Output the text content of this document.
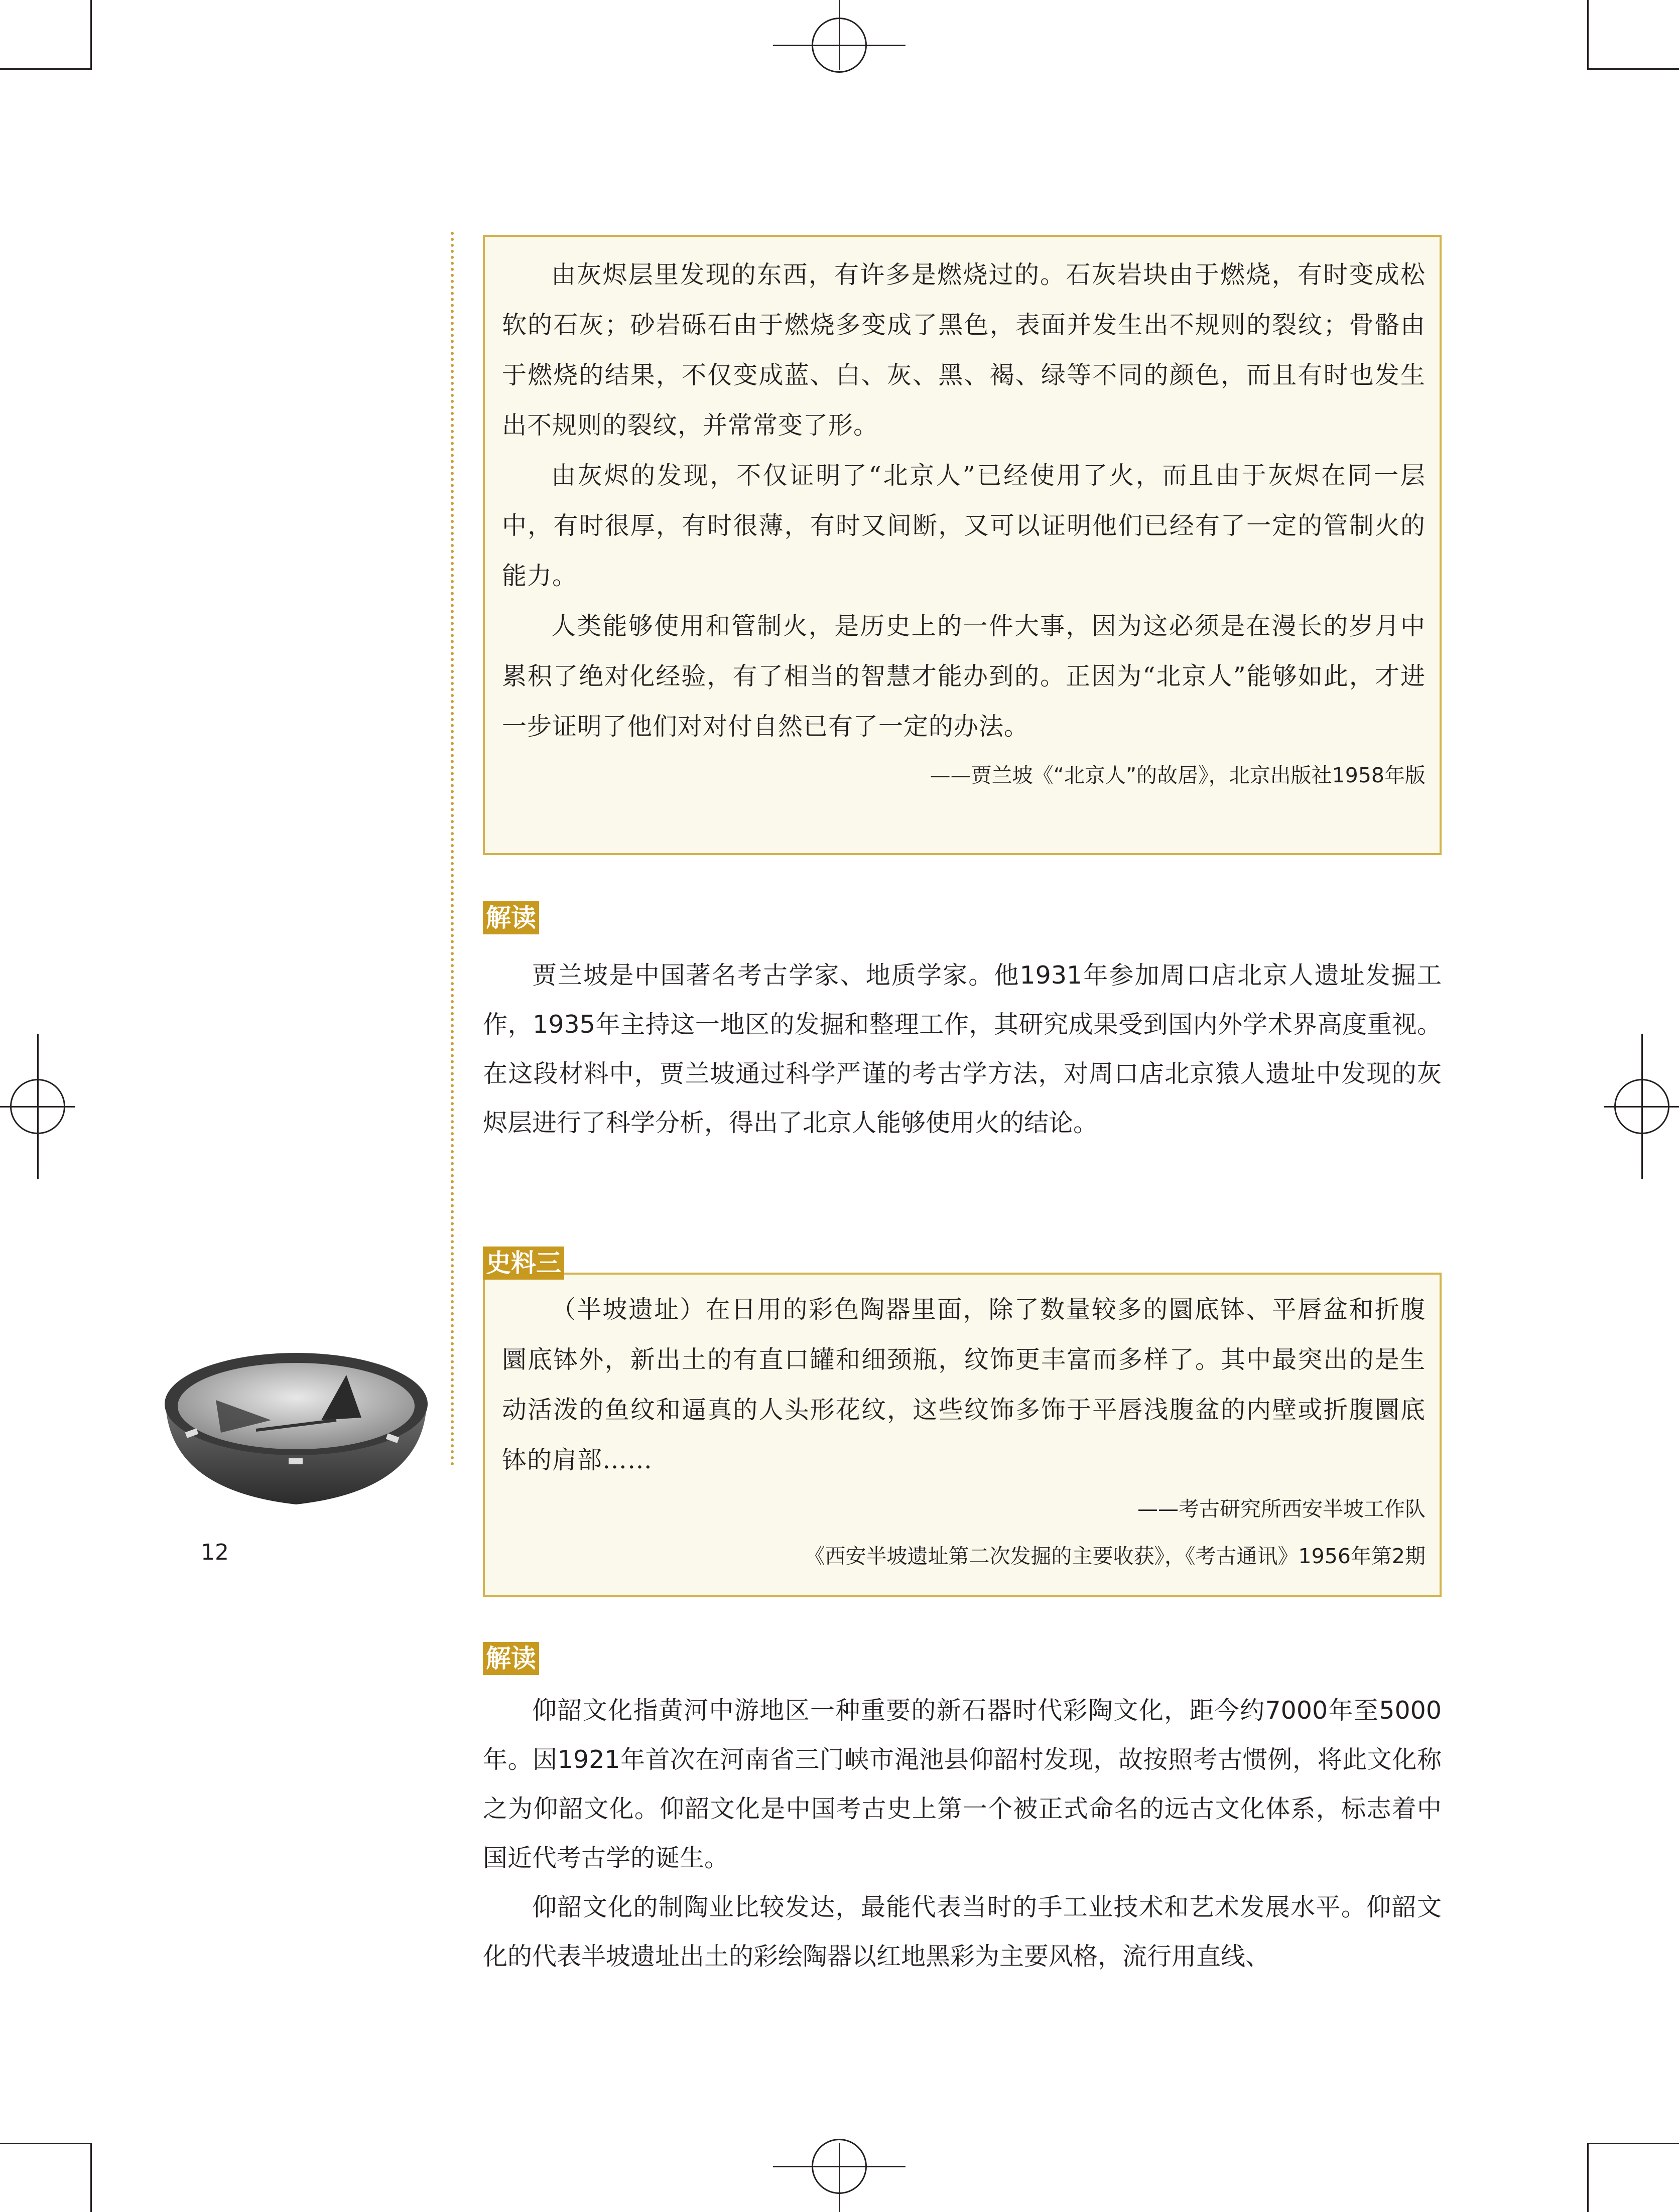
由灰烬层里发现的东西，有许多是燃烧过的。石灰岩块由于燃烧，有时变成松软的石灰；砂岩砾石由于燃烧多变成了黑色，表面并发生出不规则的裂纹；骨骼由于燃烧的结果，不仅变成蓝、白、灰、黑、褐、绿等不同的颜色，而且有时也发生出不规则的裂纹，并常常变了形。

由灰烬的发现，不仅证明了“北京人”已经使用了火，而且由于灰烬在同一层中，有时很厚，有时很薄，有时又间断，又可以证明他们已经有了一定的管制火的能力。

人类能够使用和管制火，是历史上的一件大事，因为这必须是在漫长的岁月中累积了绝对化经验，有了相当的智慧才能办到的。正因为“北京人”能够如此，才进一步证明了他们对对付自然已有了一定的办法。

——贾兰坡《“北京人”的故居》，北京出版社1958年版

解读

贾兰坡是中国著名考古学家、地质学家。他1931年参加周口店北京人遗址发掘工作，1935年主持这一地区的发掘和整理工作，其研究成果受到国内外学术界高度重视。在这段材料中，贾兰坡通过科学严谨的考古学方法，对周口店北京猿人遗址中发现的灰烬层进行了科学分析，得出了北京人能够使用火的结论。

史料三

（半坡遗址）在日用的彩色陶器里面，除了数量较多的圜底钵、平唇盆和折腹圜底钵外，新出土的有直口罐和细颈瓶，纹饰更丰富而多样了。其中最突出的是生动活泼的鱼纹和逼真的人头形花纹，这些纹饰多饰于平唇浅腹盆的内壁或折腹圜底钵的肩部……

——考古研究所西安半坡工作队

《西安半坡遗址第二次发掘的主要收获》，《考古通讯》1956年第2期

解读

仰韶文化指黄河中游地区一种重要的新石器时代彩陶文化，距今约7000年至5000年。因1921年首次在河南省三门峡市渑池县仰韶村发现，故按照考古惯例，将此文化称之为仰韶文化。仰韶文化是中国考古史上第一个被正式命名的远古文化体系，标志着中国近代考古学的诞生。

仰韶文化的制陶业比较发达，最能代表当时的手工业技术和艺术发展水平。仰韶文化的代表半坡遗址出土的彩绘陶器以红地黑彩为主要风格，流行用直线、

12
